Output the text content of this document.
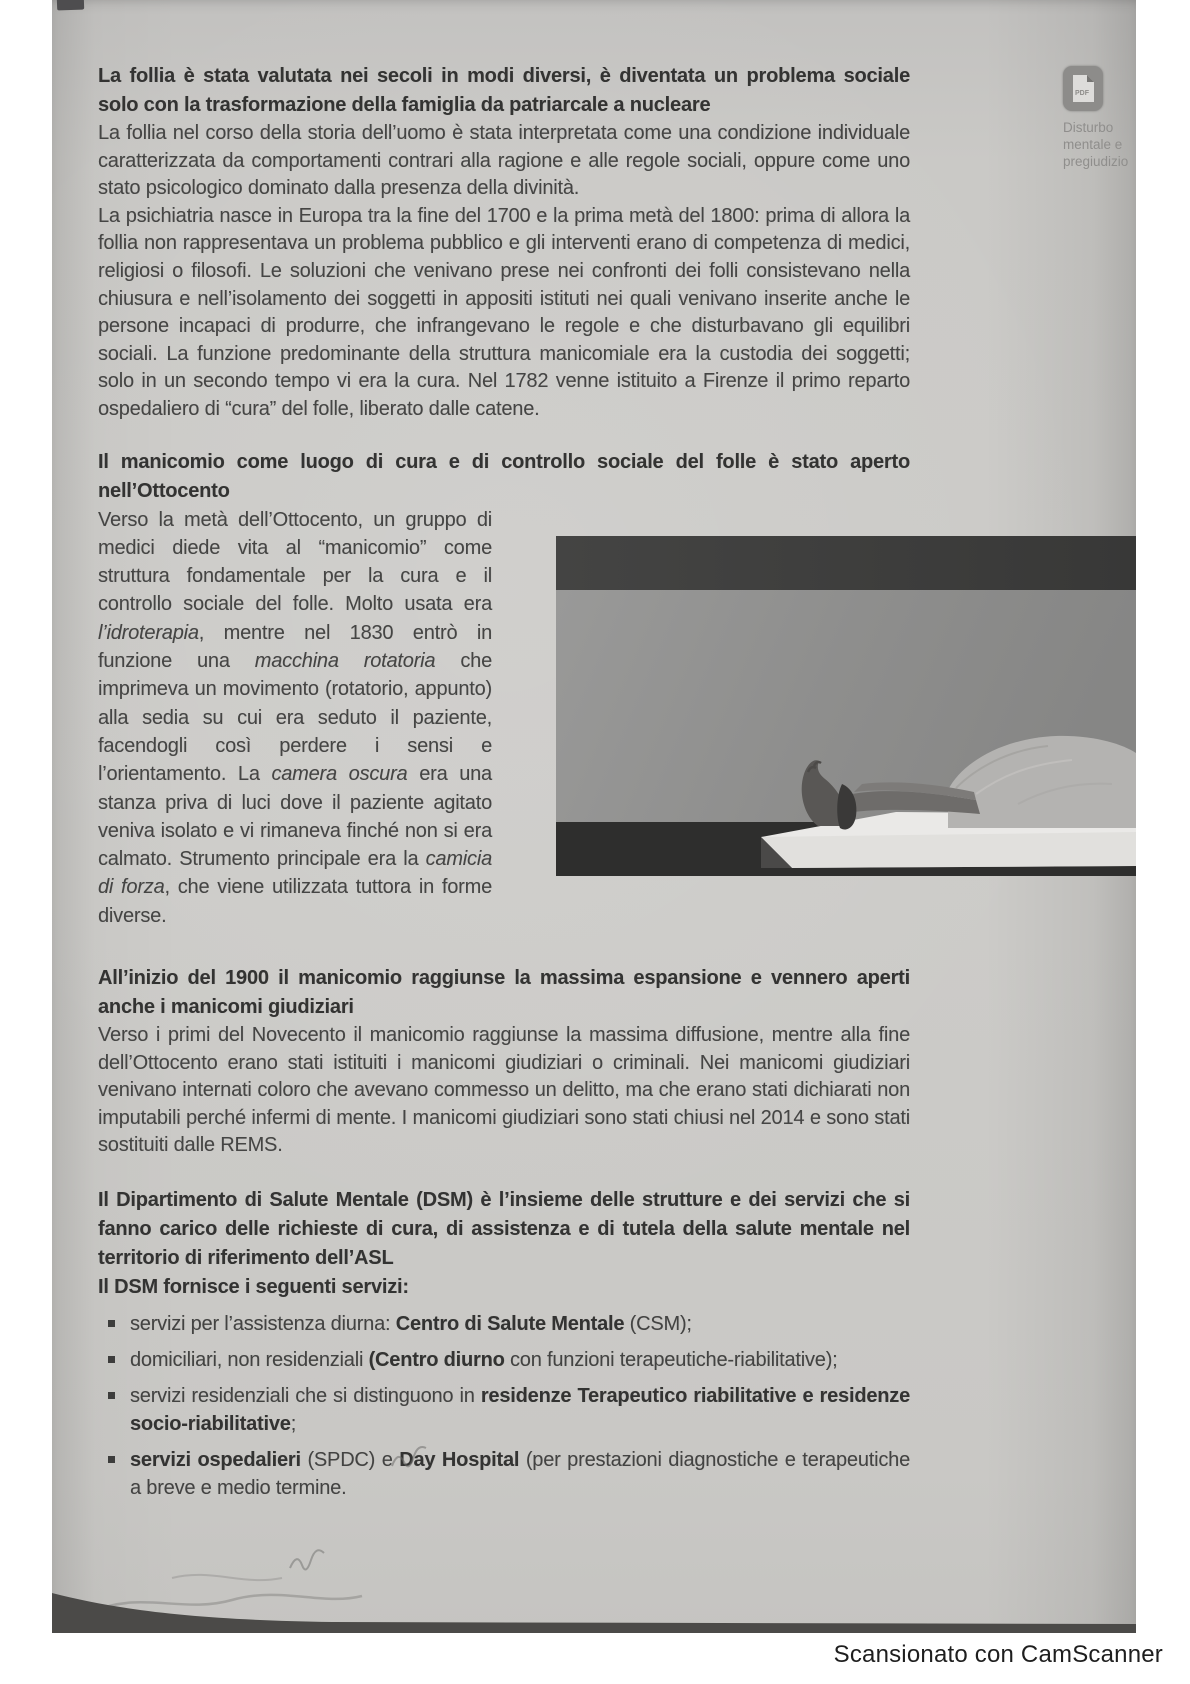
La follia è stata valutata nei secoli in modi diversi, è diventata un problema sociale solo con la trasformazione della famiglia da patriarcale a nucleare

La follia nel corso della storia dell’uomo è stata interpretata come una condizione individuale caratterizzata da comportamenti contrari alla ragione e alle regole sociali, oppure come uno stato psicologico dominato dalla presenza della divinità.

La psichiatria nasce in Europa tra la fine del 1700 e la prima metà del 1800: prima di allora la follia non rappresentava un problema pubblico e gli interventi erano di competenza di medici, religiosi o filosofi. Le soluzioni che venivano prese nei confronti dei folli consistevano nella chiusura e nell’isolamento dei soggetti in appositi istituti nei quali venivano inserite anche le persone incapaci di produrre, che infrangevano le regole e che disturbavano gli equilibri sociali. La funzione predominante della struttura manicomiale era la custodia dei soggetti; solo in un secondo tempo vi era la cura. Nel 1782 venne istituito a Firenze il primo reparto ospedaliero di “cura” del folle, liberato dalle catene.

Il manicomio come luogo di cura e di controllo sociale del folle è stato aperto nell’Ottocento

Verso la metà dell’Ottocento, un gruppo di medici diede vita al “manicomio” come struttura fondamentale per la cura e il controllo sociale del folle. Molto usata era l’idroterapia, mentre nel 1830 entrò in funzione una macchina rotatoria che imprimeva un movimento (rotatorio, appunto) alla sedia su cui era seduto il paziente, facendogli così perdere i sensi e l’orientamento. La camera oscura era una stanza priva di luci dove il paziente agitato veniva isolato e vi rimaneva finché non si era calmato. Strumento principale era la camicia di forza, che viene utilizzata tuttora in forme diverse.

All’inizio del 1900 il manicomio raggiunse la massima espansione e vennero aperti anche i manicomi giudiziari

Verso i primi del Novecento il manicomio raggiunse la massima diffusione, mentre alla fine dell’Ottocento erano stati istituiti i manicomi giudiziari o criminali. Nei manicomi giudiziari venivano internati coloro che avevano commesso un delitto, ma che erano stati dichiarati non imputabili perché infermi di mente. I manicomi giudiziari sono stati chiusi nel 2014 e sono stati sostituiti dalle REMS.

Il Dipartimento di Salute Mentale (DSM) è l’insieme delle strutture e dei servizi che si fanno carico delle richieste di cura, di assistenza e di tutela della salute mentale nel territorio di riferimento dell’ASL

Il DSM fornisce i seguenti servizi:

servizi per l’assistenza diurna: Centro di Salute Mentale (CSM);
domiciliari, non residenziali (Centro diurno con funzioni terapeutiche-riabilitative);
servizi residenziali che si distinguono in residenze Terapeutico riabilitative e residenze socio-riabilitative;
servizi ospedalieri (SPDC) e Day Hospital (per prestazioni diagnostiche e terapeutiche a breve e medio termine.
PDF
Disturbo mentale e pregiudizio
Scansionato con CamScanner
